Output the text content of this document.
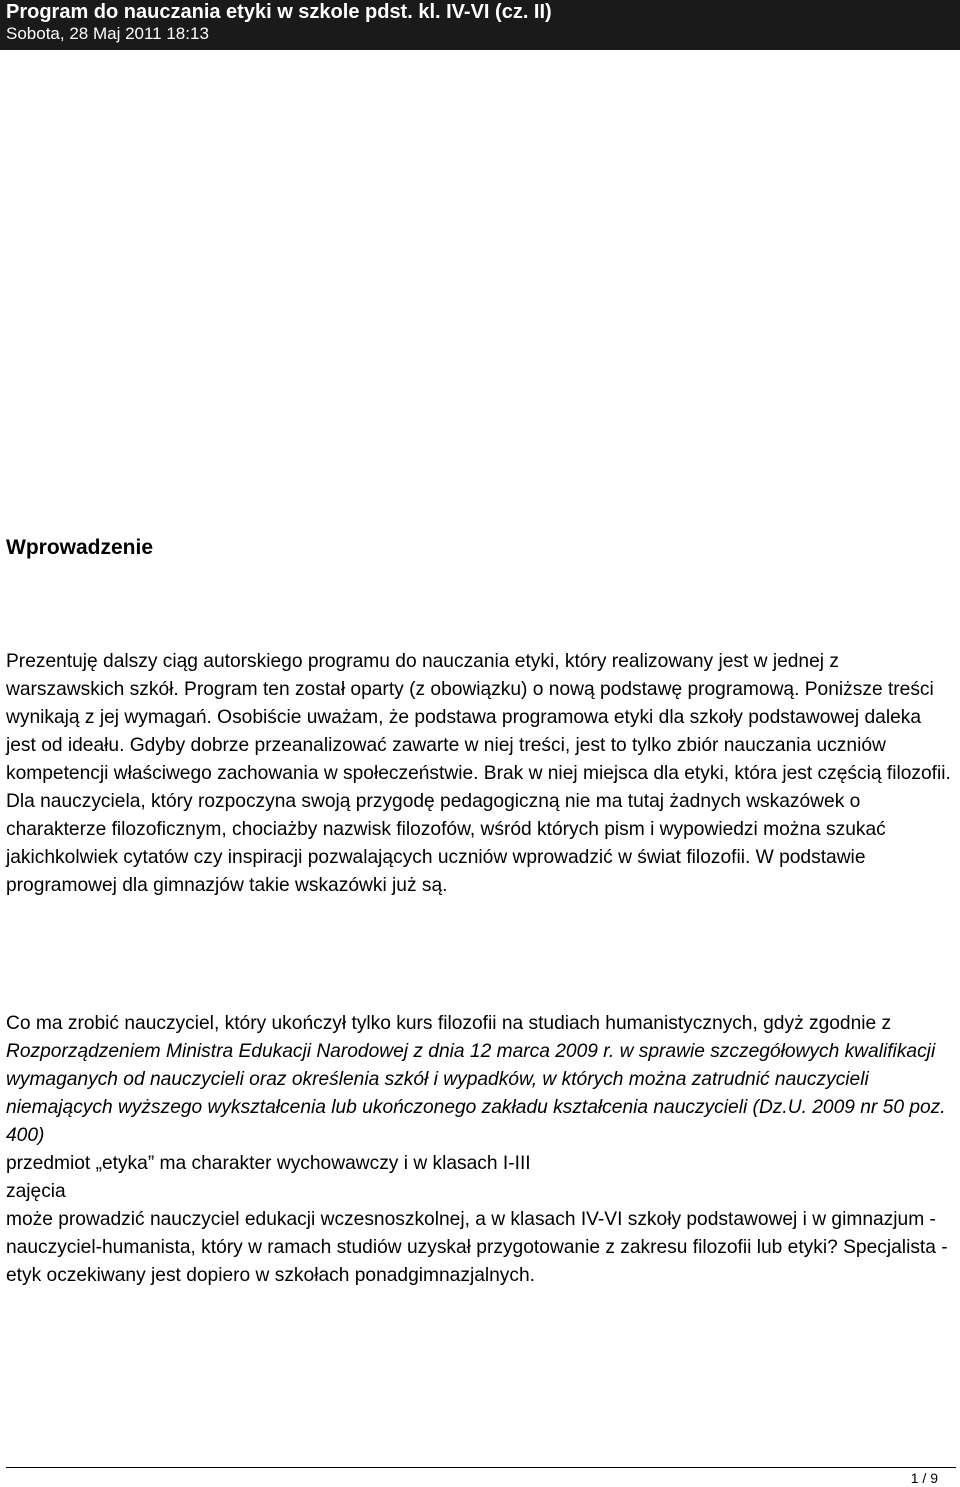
Program do nauczania etyki w szkole pdst. kl. IV-VI (cz. II)
Sobota, 28 Maj 2011 18:13
Wprowadzenie

Prezentuję dalszy ciąg autorskiego programu do nauczania etyki, który realizowany jest w jednej z warszawskich szkół. Program ten został oparty (z obowiązku) o nową podstawę programową. Poniższe treści wynikają z jej wymagań. Osobiście uważam, że podstawa programowa etyki dla szkoły podstawowej daleka jest od ideału. Gdyby dobrze przeanalizować zawarte w niej treści, jest to tylko zbiór nauczania uczniów kompetencji właściwego zachowania w społeczeństwie. Brak w niej miejsca dla etyki, która jest częścią filozofii. Dla nauczyciela, który rozpoczyna swoją przygodę pedagogiczną nie ma tutaj żadnych wskazówek o charakterze filozoficznym, chociażby nazwisk filozofów, wśród których pism i wypowiedzi można szukać jakichkolwiek cytatów czy inspiracji pozwalających uczniów wprowadzić w świat filozofii. W podstawie programowej dla gimnazjów takie wskazówki już są.

Co ma zrobić nauczyciel, który ukończył tylko kurs filozofii na studiach humanistycznych, gdyż zgodnie z
Rozporządzeniem Ministra Edukacji Narodowej z dnia 12 marca 2009 r. w sprawie szczegółowych kwalifikacji wymaganych od nauczycieli oraz określenia szkół i wypadków, w których można zatrudnić nauczycieli niemających wyższego wykształcenia lub ukończonego zakładu kształcenia nauczycieli (Dz.U. 2009 nr 50 poz. 400)
przedmiot „etyka” ma charakter wychowawczy i w klasach I-III
zajęcia
może prowadzić nauczyciel edukacji wczesnoszkolnej, a w klasach IV-VI szkoły podstawowej i w gimnazjum - nauczyciel-humanista, który w ramach studiów uzyskał przygotowanie z zakresu filozofii lub etyki? Specjalista - etyk oczekiwany jest dopiero w szkołach ponadgimnazjalnych.
1 / 9
